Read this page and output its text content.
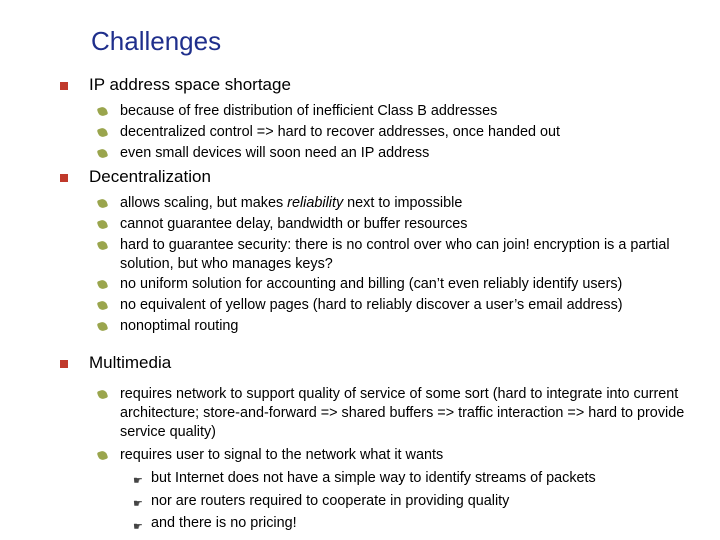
Challenges
IP address space shortage
because of free distribution of inefficient Class B addresses
decentralized control => hard to recover addresses, once handed out
even small devices will soon need an IP address
Decentralization
allows scaling, but makes reliability next to impossible
cannot guarantee delay, bandwidth or buffer resources
hard to guarantee security: there is no control over who can join! encryption is a partial solution, but who manages keys?
no uniform solution for accounting and billing (can’t even reliably identify users)
no equivalent of yellow pages (hard to reliably discover a user’s email address)
nonoptimal routing
Multimedia
requires network to support quality of service of some sort (hard to integrate into current architecture; store-and-forward => shared buffers => traffic interaction => hard to provide service quality)
requires user to signal to the network what it wants
☛ but Internet does not have a simple way to identify streams of packets
☛ nor are routers required to cooperate in providing quality
☛ and there is no pricing!
